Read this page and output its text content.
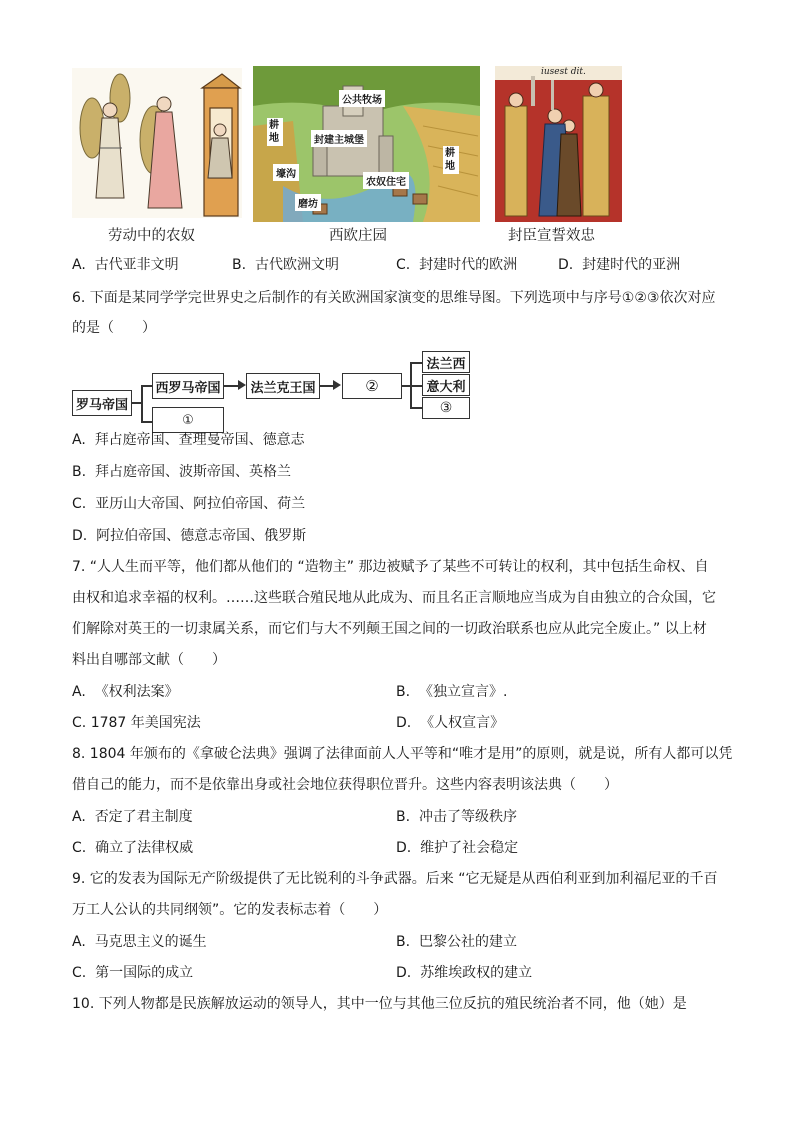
劳动中的农奴
公共牧场
耕地	封建主城堡
壕沟
耕地
磨坊
农奴住宅
西欧庄园
iusest dit.
封臣宣誓效忠
A. 古代亚非文明	B. 古代欧洲文明	C. 封建时代的欧洲	D. 封建时代的亚洲
6. 下面是某同学学完世界史之后制作的有关欧洲国家演变的思维导图。下列选项中与序号①②③依次对应
的是（　　）
罗马帝国
西罗马帝国
①
法兰克王国	②
法兰西
意大利
③
A. 拜占庭帝国、查理曼帝国、德意志
B. 拜占庭帝国、波斯帝国、英格兰
C. 亚历山大帝国、阿拉伯帝国、荷兰
D. 阿拉伯帝国、德意志帝国、俄罗斯
7. “人人生而平等，他们都从他们的 “造物主” 那边被赋予了某些不可转让的权利，其中包括生命权、自
由权和追求幸福的权利。……这些联合殖民地从此成为、而且名正言顺地应当成为自由独立的合众国，它
们解除对英王的一切隶属关系，而它们与大不列颠王国之间的一切政治联系也应从此完全废止。” 以上材
料出自哪部文献（　　）
A. 《权利法案》	B. 《独立宣言》.
C. 1787 年美国宪法	D. 《人权宣言》
8. 1804 年颁布的《拿破仑法典》强调了法律面前人人平等和“唯才是用”的原则，就是说，所有人都可以凭
借自己的能力，而不是依靠出身或社会地位获得职位晋升。这些内容表明该法典（　　）
A. 否定了君主制度	B. 冲击了等级秩序
C. 确立了法律权威	D. 维护了社会稳定
9. 它的发表为国际无产阶级提供了无比锐利的斗争武器。后来 “它无疑是从西伯利亚到加利福尼亚的千百
万工人公认的共同纲领”。它的发表标志着（　　）
A. 马克思主义的诞生	B. 巴黎公社的建立
C. 第一国际的成立	D. 苏维埃政权的建立
10. 下列人物都是民族解放运动的领导人，其中一位与其他三位反抗的殖民统治者不同，他（她）是
